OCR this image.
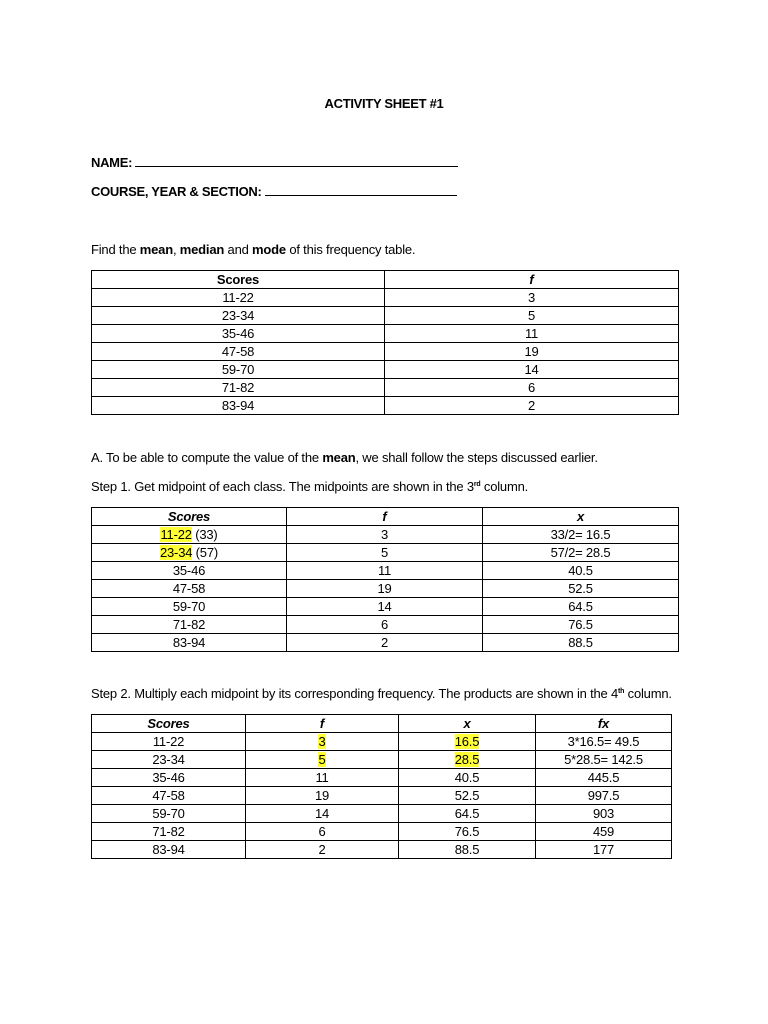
ACTIVITY SHEET #1
NAME:
COURSE, YEAR & SECTION:
Find the mean, median and mode of this frequency table.
Scores	f
11-22	3
23-34	5
35-46	11
47-58	19
59-70	14
71-82	6
83-94	2
A. To be able to compute the value of the mean, we shall follow the steps discussed earlier.
Step 1. Get midpoint of each class. The midpoints are shown in the 3rd column.
Scores	f	x
11-22 (33)	3	33/2= 16.5
23-34 (57)	5	57/2= 28.5
35-46	11	40.5
47-58	19	52.5
59-70	14	64.5
71-82	6	76.5
83-94	2	88.5
Step 2. Multiply each midpoint by its corresponding frequency. The products are shown in the 4th column.
Scores	f	x	fx
11-22	3	16.5	3*16.5= 49.5
23-34	5	28.5	5*28.5= 142.5
35-46	11	40.5	445.5
47-58	19	52.5	997.5
59-70	14	64.5	903
71-82	6	76.5	459
83-94	2	88.5	177
